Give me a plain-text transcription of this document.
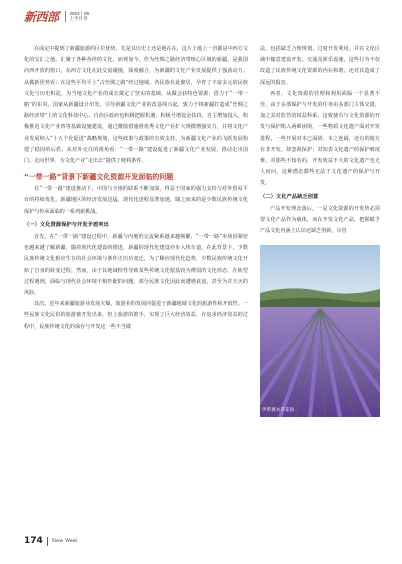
新西部 2023丨09
上半月刊

在面定中提到了新疆旅游的区位优势、尤是其历史上还是地在在，这片土地上一直都是中西方文化的交汇之地。汇聚了各种各样的文化，而观加今，作为丝绸之路经济带核心区域的新疆，是我国向西开放的窗口，东西方文化在此交流碰撞，深度融合，为新疆的文化产业发展提供了强劲动力。从做新优势看：在这些平均平上“古丝绸之路”经过地域，各民族在此聚居，孕育了丰富多元的民族文化与历史积淀。为当地文化产业的成长奠定了坚实的基础。从做会获特色资源：借力于“一带一路”的东风，国家从新疆设计出发，引导新疆文化产业的改基线兴起，致力于将新疆打造成“丝绸之路经济带”上的文化科技中心。自治区政府也积极把握机遇，积极号增设金扶持，自主增加投入，积极推进文化产业四等基础设施建设，通过激励措施将优秀文化产业扩大规模增强实力，并将文化产业发展纳入“十五个化促进”战略规划，这些政策与政策的有效支持，为新疆文化产业的飞跃发展构建了稳固的后盾。从对外交往的视角看：“一带一路”建设促进了新疆文化产业发展，推动走出国门、走向世界，为文化产业“走出去”提供了便利条件。

“一带一路”背景下新疆文化资源开发面临的问题

在“一带一路”建设推动下，中国与全球的联系不断加深，得益于国家的强力支持与对外贸易平台的持续优化，新疆地区的经济发展迅猛，现代化进程显著加速，随之而来的是少数民族传统文化保护与传承面临的一系列新挑战。

（一）文化资源保护与开发矛盾突出

首先，在“一带一路”建设过程中，新疆与内地的交流紧系越来越频繁，“一带一路”市场因紧密也越来越了解新疆，随着现代化建设的推进，新疆的现代化建设亦步入快车道，在此背景下，少数民族传统文化相应生存的社会环境与条件正历历变迁，为了顺应现代化趋势，少数民族传统文化开始了自身的转变过程。然而，由于其地域特性导致某些传统文化根基较为薄弱的文化形态，在转型过程遇到，面临与现代社会环境不相匹配的问题，部分民族文化因此而遭遇衰退，甚至为并天灭的风险。

其次，近年来新疆旅游业发展火爆，旅游业的发展同促进于新疆地域文化的旅游性和开放性。一些民族文化民俗的旅游被开发出来，但上旅游的推手，实现了巨大经济效益，在追求经济效益的过程中，民族传统文化的保存与开发这一些不当做

法，包括缺乏合理规划、过度开发利用，并在文化区域中随意建设开发、交通及娱乐设施，这些行为不仅改造了民族传统文化资源的内在和谐，还对其造成了深远的损害。

再者，文化资源的管理和利用面临一个显著不佳，由于多部保护与开发的任务由多部门主体交错，加之其对监管的权益科系，这致使有与文化资源的开发与保护陷入两难困境，一些物质文化遗产面对开发进程，一些开展对本已面降、本之连阔，还有的地方在非开发、却忽视保护；对知表文化遗产的保护难度难，对那些不知名的，开发效益不大的文化遗产也无人问问，这种潜态都些无法于文化遗产的保护与开发。

（二）文化产品缺乏创意

产品开发理念落后，一是文化资源的开发势必需要文化产品作为载体，而在开发文化产品，把握赋予产品文化内涵上认识还缺乏创新，尽管

伊犁薰衣草花海
174 New West
